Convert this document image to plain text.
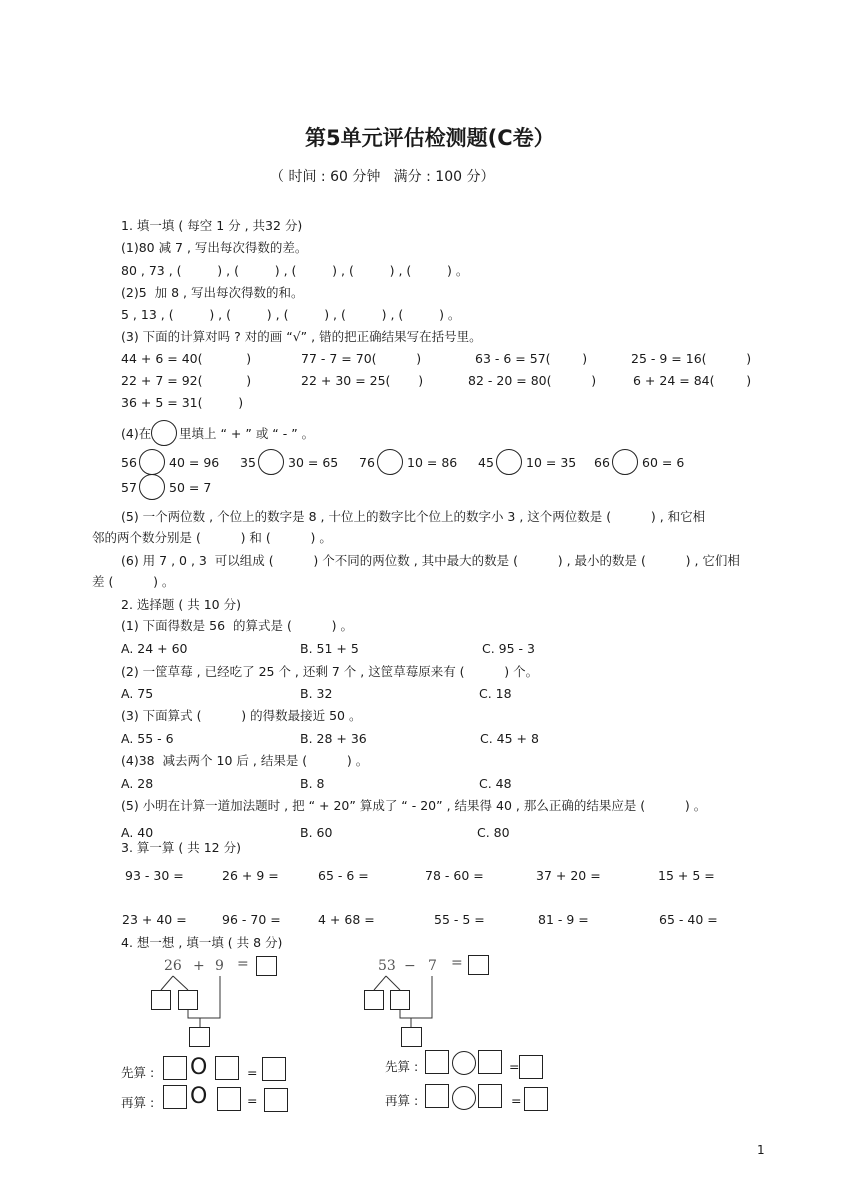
第5单元评估检测题(C卷）
（ 时间 : 60 分钟   满分 : 100 分）
1. 填一填 ( 每空 1 分 , 共32 分)
(1)80 减 7 , 写出每次得数的差。
80 , 73 , (         ) , (         ) , (         ) , (         ) , (         ) 。
(2)5  加 8 , 写出每次得数的和。
5 , 13 , (         ) , (         ) , (         ) , (         ) , (         ) 。
(3) 下面的计算对吗 ? 对的画 “√” , 错的把正确结果写在括号里。
44 + 6 = 40(           )	77 - 7 = 70(          )	63 - 6 = 57(        )	25 - 9 = 16(          )
22 + 7 = 92(           )	22 + 30 = 25(       )	82 - 20 = 80(          )	6 + 24 = 84(        )
36 + 5 = 31(         )
(4)在 里填上 “ + ” 或 “ - ” 。
56	40 = 96 35	30 = 65 76	10 = 86 45	10 = 35 66	60 = 6
57	50 = 7
(5) 一个两位数 , 个位上的数字是 8 , 十位上的数字比个位上的数字小 3 , 这个两位数是 (          ) , 和它相
邻的两个数分别是 (          ) 和 (          ) 。
(6) 用 7 , 0 , 3  可以组成 (          ) 个不同的两位数 , 其中最大的数是 (          ) , 最小的数是 (          ) , 它们相
差 (          ) 。
2. 选择题 ( 共 10 分)
(1) 下面得数是 56  的算式是 (          ) 。
A. 24 + 60	B. 51 + 5	C. 95 - 3
(2) 一筐草莓 , 已经吃了 25 个 , 还剩 7 个 , 这筐草莓原来有 (          ) 个。
A. 75	B. 32	C. 18
(3) 下面算式 (          ) 的得数最接近 50 。
A. 55 - 6	B. 28 + 36	C. 45 + 8
(4)38  减去两个 10 后 , 结果是 (          ) 。
A. 28	B. 8	C. 48
(5) 小明在计算一道加法题时 , 把 “ + 20” 算成了 “ - 20” , 结果得 40 , 那么正确的结果应是 (          ) 。
A. 40	B. 60	C. 80
3. 算一算 ( 共 12 分)
93 - 30 =	26 + 9 =	65 - 6 =	78 - 60 =	37 + 20 =	15 + 5 =
23 + 40 =	96 - 70 =	4 + 68 =	55 - 5 =	81 - 9 =	65 - 40 =
4. 想一想 , 填一填 ( 共 8 分)
26 + 9 =	53 − 7 =
先算 : O	=
再算 : O	=
先算 :	=
再算 :	=
1
